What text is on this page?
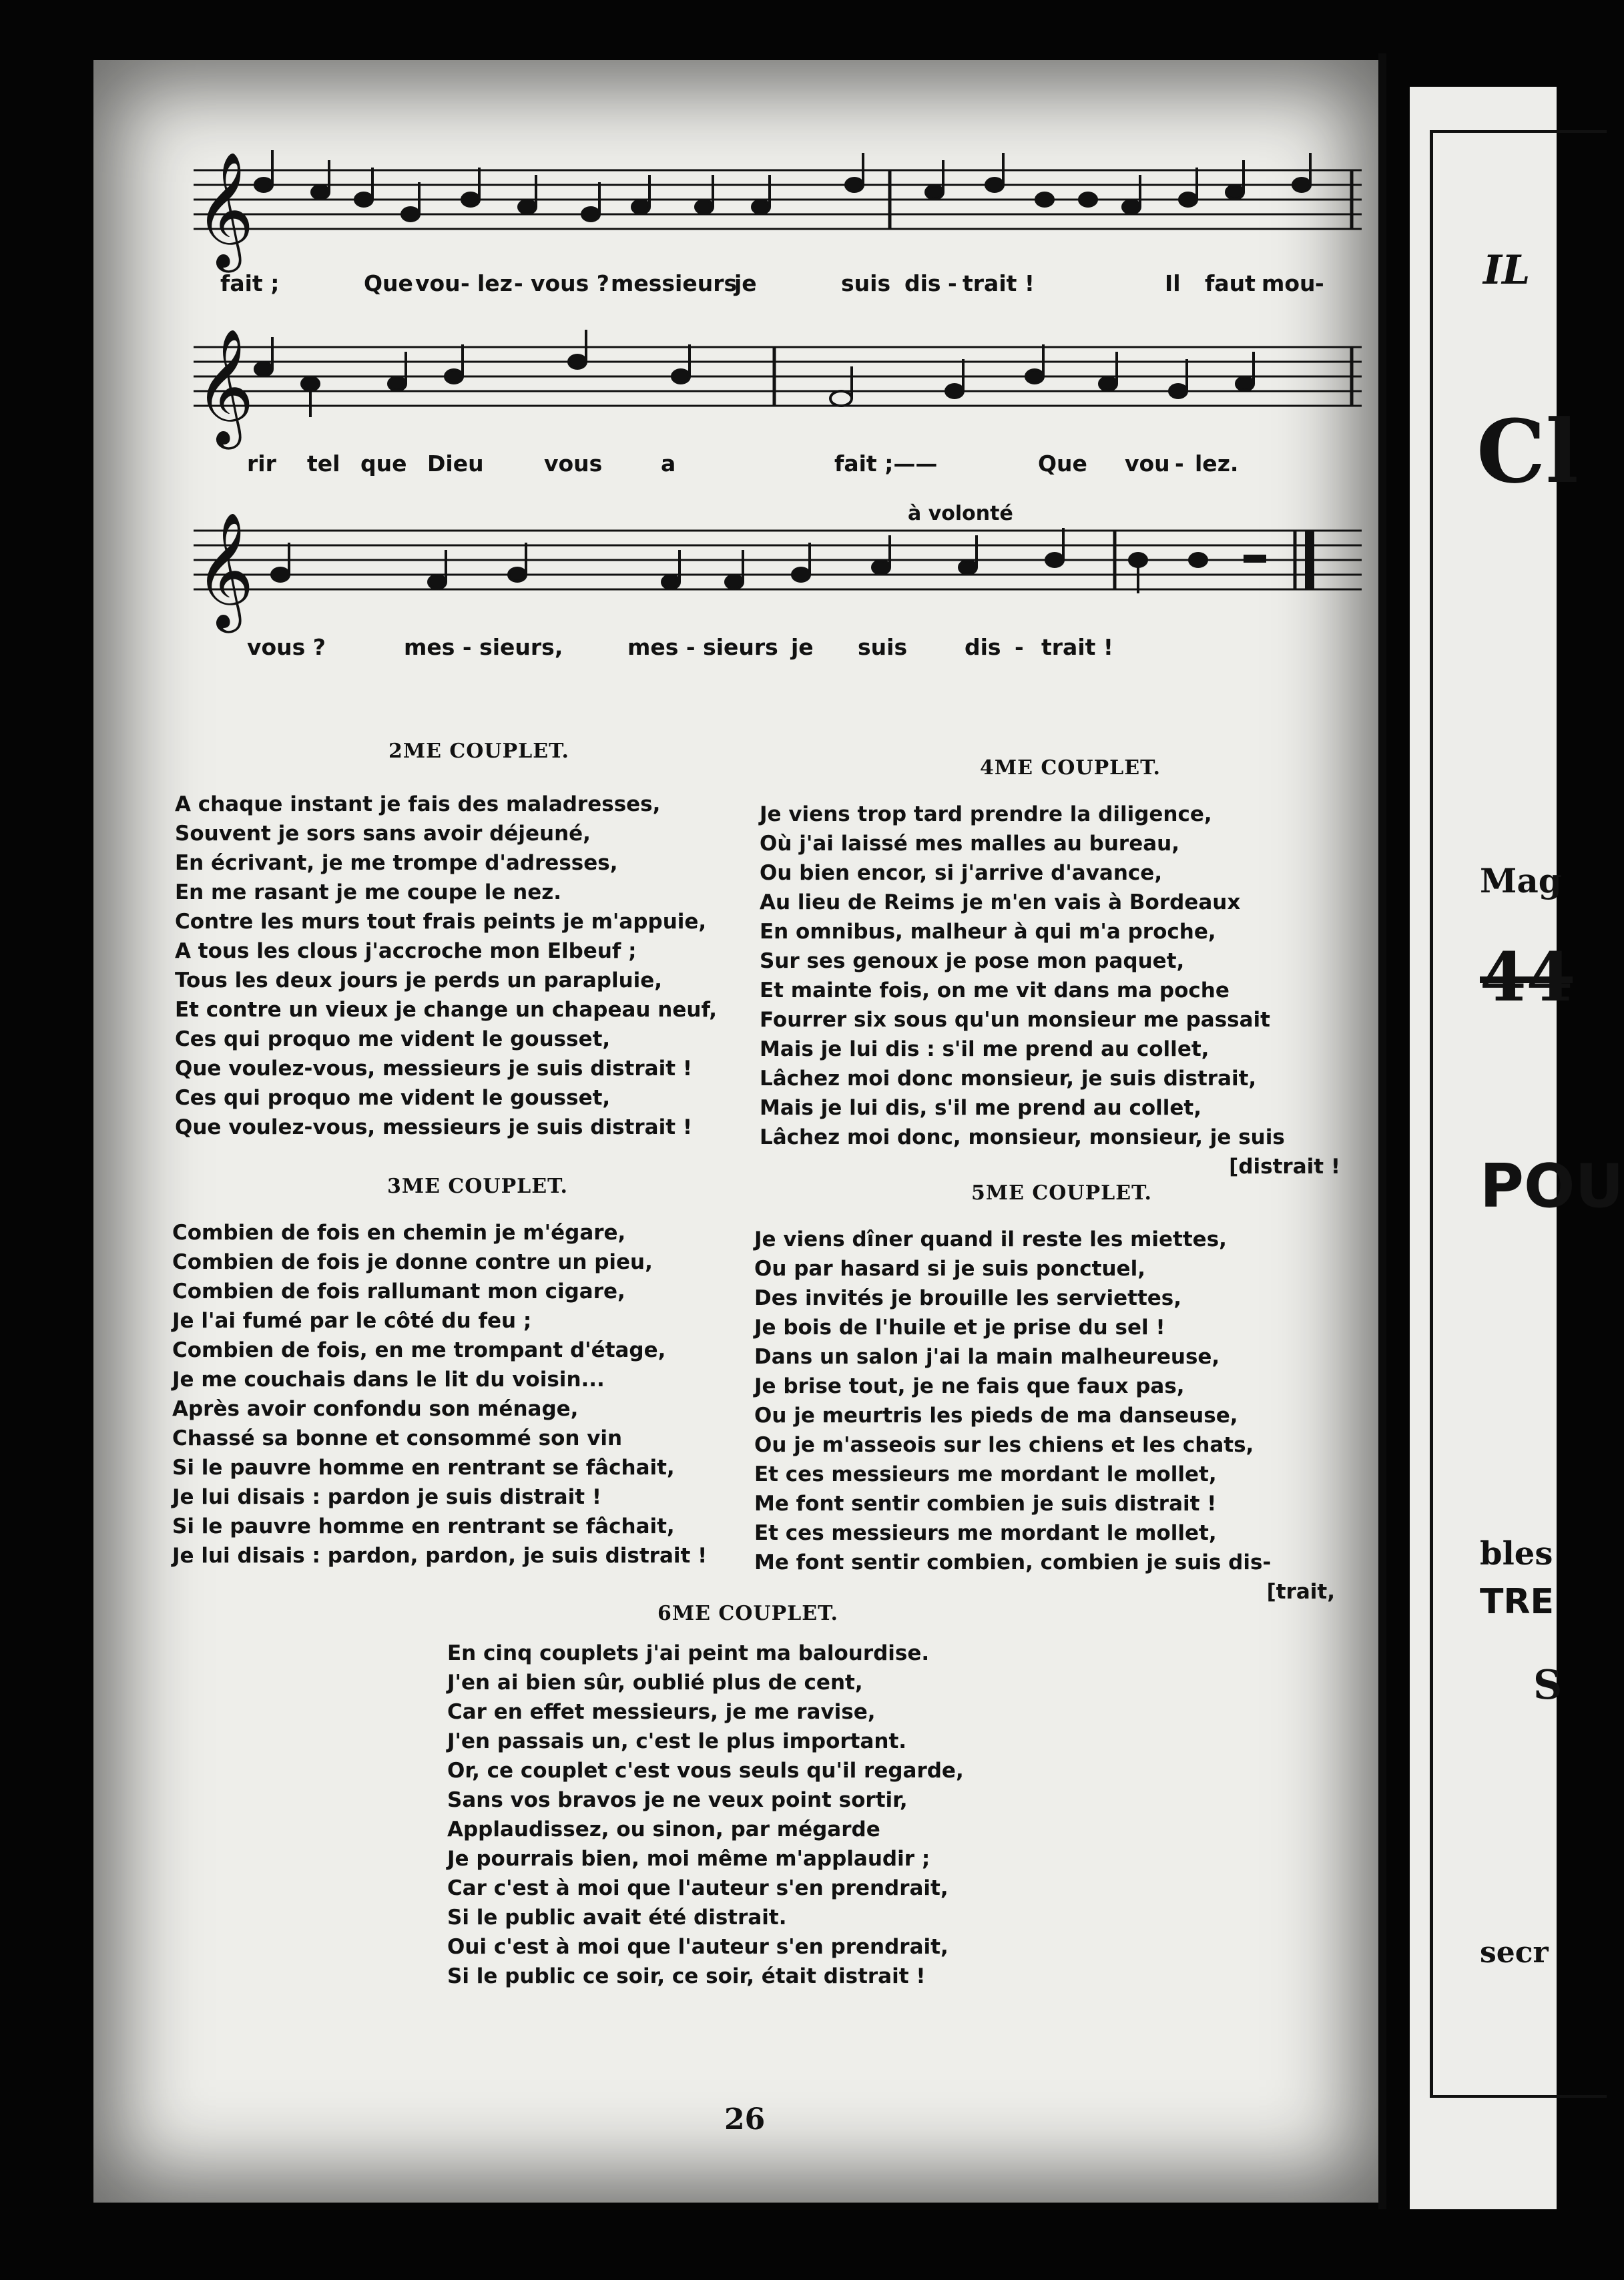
𝄞
fait ;	Que vou - lez - vous ? messieurs
je	suis dis - trait !	Il faut mou -
𝄞
rir tel que Dieu	vous	a	fait ;——	Que vou - lez.
à volonté
𝄞
vous ?	mes - sieurs,	mes - sieurs je suis	dis - trait !
2ME COUPLET.
A chaque instant je fais des maladresses,
Souvent je sors sans avoir déjeuné,
En écrivant, je me trompe d'adresses,
En me rasant je me coupe le nez.
Contre les murs tout frais peints je m'appuie,
A tous les clous j'accroche mon Elbeuf ;
Tous les deux jours je perds un parapluie,
Et contre un vieux je change un chapeau neuf,
Ces qui proquo me vident le gousset,
Que voulez-vous, messieurs je suis distrait !
Ces qui proquo me vident le gousset,
Que voulez-vous, messieurs je suis distrait !
3ME COUPLET.
Combien de fois en chemin je m'égare,
Combien de fois je donne contre un pieu,
Combien de fois rallumant mon cigare,
Je l'ai fumé par le côté du feu ;
Combien de fois, en me trompant d'étage,
Je me couchais dans le lit du voisin...
Après avoir confondu son ménage,
Chassé sa bonne et consommé son vin
Si le pauvre homme en rentrant se fâchait,
Je lui disais : pardon je suis distrait !
Si le pauvre homme en rentrant se fâchait,
Je lui disais : pardon, pardon, je suis distrait !
4ME COUPLET.
Je viens trop tard prendre la diligence,
Où j'ai laissé mes malles au bureau,
Ou bien encor, si j'arrive d'avance,
Au lieu de Reims je m'en vais à Bordeaux
En omnibus, malheur à qui m'a proche,
Sur ses genoux je pose mon paquet,
Et mainte fois, on me vit dans ma poche
Fourrer six sous qu'un monsieur me passait
Mais je lui dis : s'il me prend au collet,
Lâchez moi donc monsieur, je suis distrait,
Mais je lui dis, s'il me prend au collet,
Lâchez moi donc, monsieur, monsieur, je suis
[distrait !
5ME COUPLET.
Je viens dîner quand il reste les miettes,
Ou par hasard si je suis ponctuel,
Des invités je brouille les serviettes,
Je bois de l'huile et je prise du sel !
Dans un salon j'ai la main malheureuse,
Je brise tout, je ne fais que faux pas,
Ou je meurtris les pieds de ma danseuse,
Ou je m'asseois sur les chiens et les chats,
Et ces messieurs me mordant le mollet,
Me font sentir combien je suis distrait !
Et ces messieurs me mordant le mollet,
Me font sentir combien, combien je suis dis-
[trait,
6ME COUPLET.
En cinq couplets j'ai peint ma balourdise.
J'en ai bien sûr, oublié plus de cent,
Car en effet messieurs, je me ravise,
J'en passais un, c'est le plus important.
Or, ce couplet c'est vous seuls qu'il regarde,
Sans vos bravos je ne veux point sortir,
Applaudissez, ou sinon, par mégarde
Je pourrais bien, moi même m'applaudir ;
Car c'est à moi que l'auteur s'en prendrait,
Si le public avait été distrait.
Oui c'est à moi que l'auteur s'en prendrait,
Si le public ce soir, ce soir, était distrait !
26
IL
Cl
Mag
44
POU
bles
TRE
S
secr
